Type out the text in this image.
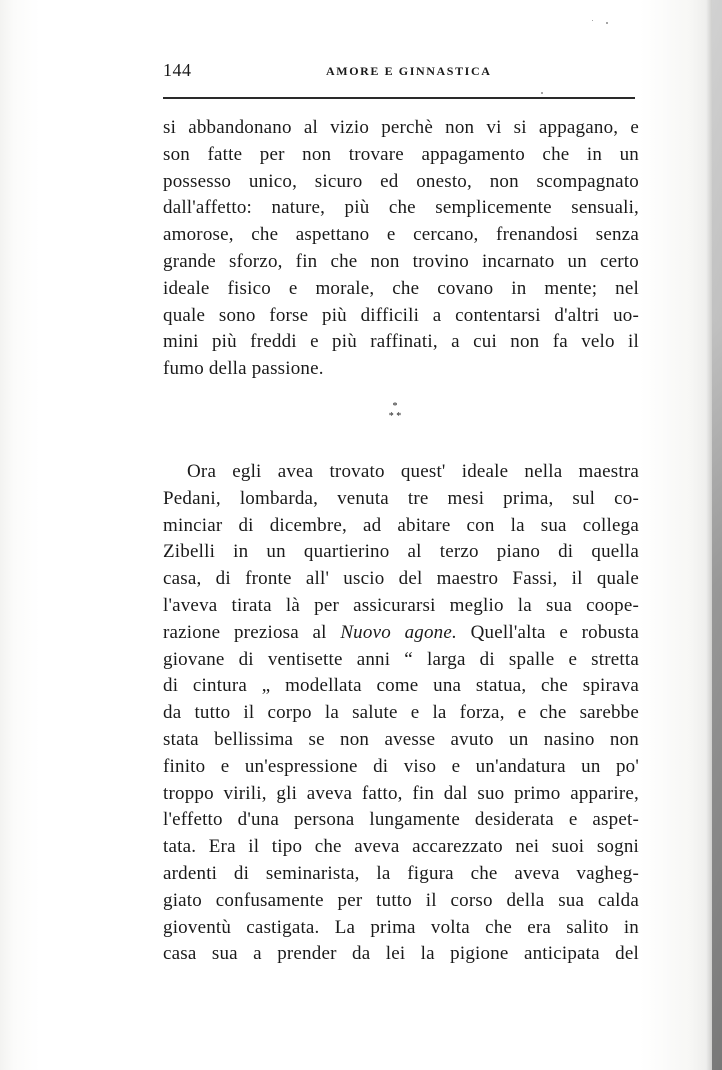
144	AMORE E GINNASTICA
si abbandonano al vizio perchè non vi si appagano, e
son fatte per non trovare appagamento che in un
possesso unico, sicuro ed onesto, non scompagnato
dall'affetto: nature, più che semplicemente sensuali,
amorose, che aspettano e cercano, frenandosi senza
grande sforzo, fin che non trovino incarnato un certo
ideale fisico e morale, che covano in mente; nel
quale sono forse più difficili a contentarsi d'altri uo-
mini più freddi e più raffinati, a cui non fa velo il
fumo della passione.
*
* *
Ora egli avea trovato quest' ideale nella maestra
Pedani, lombarda, venuta tre mesi prima, sul co-
minciar di dicembre, ad abitare con la sua collega
Zibelli in un quartierino al terzo piano di quella
casa, di fronte all' uscio del maestro Fassi, il quale
l'aveva tirata là per assicurarsi meglio la sua coope-
razione preziosa al Nuovo agone. Quell'alta e robusta
giovane di ventisette anni “ larga di spalle e stretta
di cintura „ modellata come una statua, che spirava
da tutto il corpo la salute e la forza, e che sarebbe
stata bellissima se non avesse avuto un nasino non
finito e un'espressione di viso e un'andatura un po'
troppo virili, gli aveva fatto, fin dal suo primo apparire,
l'effetto d'una persona lungamente desiderata e aspet-
tata. Era il tipo che aveva accarezzato nei suoi sogni
ardenti di seminarista, la figura che aveva vagheg-
giato confusamente per tutto il corso della sua calda
gioventù castigata. La prima volta che era salito in
casa sua a prender da lei la pigione anticipata del
